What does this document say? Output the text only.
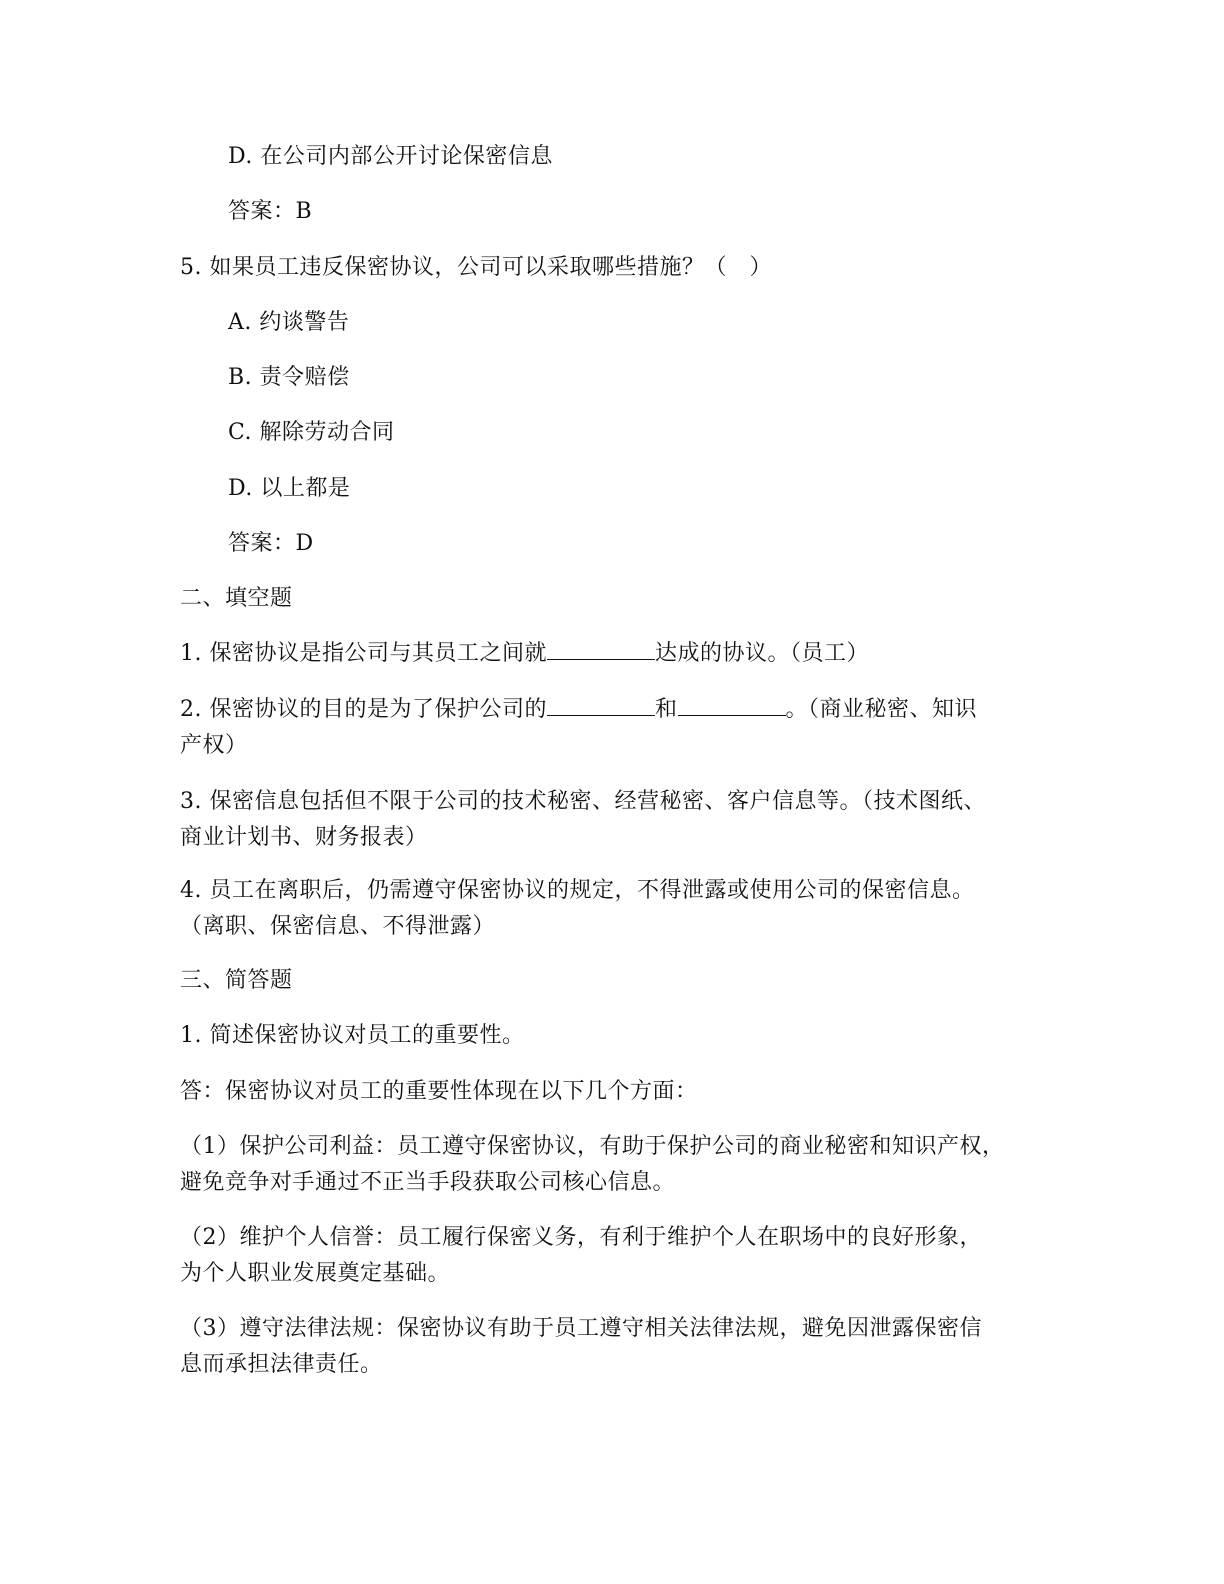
D. 在公司内部公开讨论保密信息
答案：B
5. 如果员工违反保密协议，公司可以采取哪些措施？（　）
A. 约谈警告
B. 责令赔偿
C. 解除劳动合同
D. 以上都是
答案：D
二、填空题
1. 保密协议是指公司与其员工之间就	达成的协议。（员工）
2. 保密协议的目的是为了保护公司的	和	。（商业秘密、知识
产权）
3. 保密信息包括但不限于公司的技术秘密、经营秘密、客户信息等。（技术图纸、
商业计划书、财务报表）
4. 员工在离职后，仍需遵守保密协议的规定，不得泄露或使用公司的保密信息。
（离职、保密信息、不得泄露）
三、简答题
1. 简述保密协议对员工的重要性。
答：保密协议对员工的重要性体现在以下几个方面：
（1）保护公司利益：员工遵守保密协议，有助于保护公司的商业秘密和知识产权，
避免竞争对手通过不正当手段获取公司核心信息。
（2）维护个人信誉：员工履行保密义务，有利于维护个人在职场中的良好形象，
为个人职业发展奠定基础。
（3）遵守法律法规：保密协议有助于员工遵守相关法律法规，避免因泄露保密信
息而承担法律责任。
